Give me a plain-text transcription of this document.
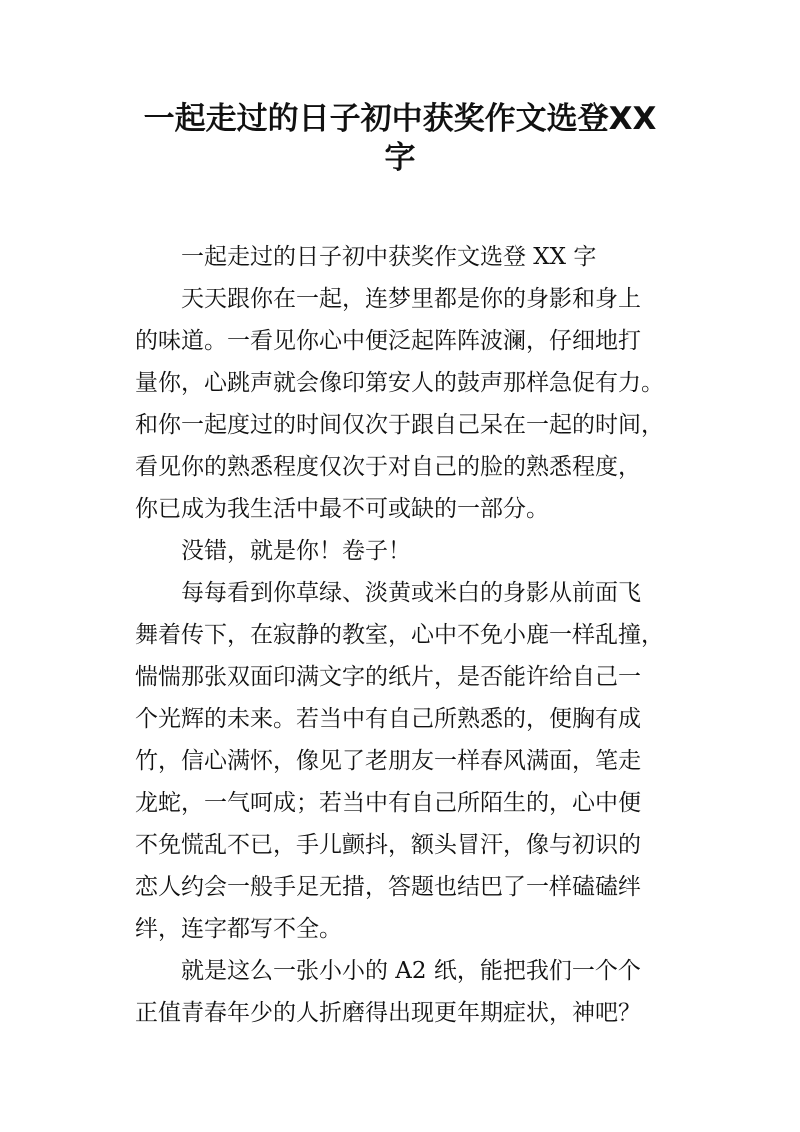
一起走过的日子初中获奖作文选登XX
字
一起走过的日子初中获奖作文选登 XX 字
天天跟你在一起，连梦里都是你的身影和身上
的味道。一看见你心中便泛起阵阵波澜，仔细地打
量你，心跳声就会像印第安人的鼓声那样急促有力。
和你一起度过的时间仅次于跟自己呆在一起的时间，
看见你的熟悉程度仅次于对自己的脸的熟悉程度，
你已成为我生活中最不可或缺的一部分。
没错，就是你！卷子！
每每看到你草绿、淡黄或米白的身影从前面飞
舞着传下，在寂静的教室，心中不免小鹿一样乱撞，
惴惴那张双面印满文字的纸片，是否能许给自己一
个光辉的未来。若当中有自己所熟悉的，便胸有成
竹，信心满怀，像见了老朋友一样春风满面，笔走
龙蛇，一气呵成；若当中有自己所陌生的，心中便
不免慌乱不已，手儿颤抖，额头冒汗，像与初识的
恋人约会一般手足无措，答题也结巴了一样磕磕绊
绊，连字都写不全。
就是这么一张小小的 A2 纸，能把我们一个个
正值青春年少的人折磨得出现更年期症状，神吧？
